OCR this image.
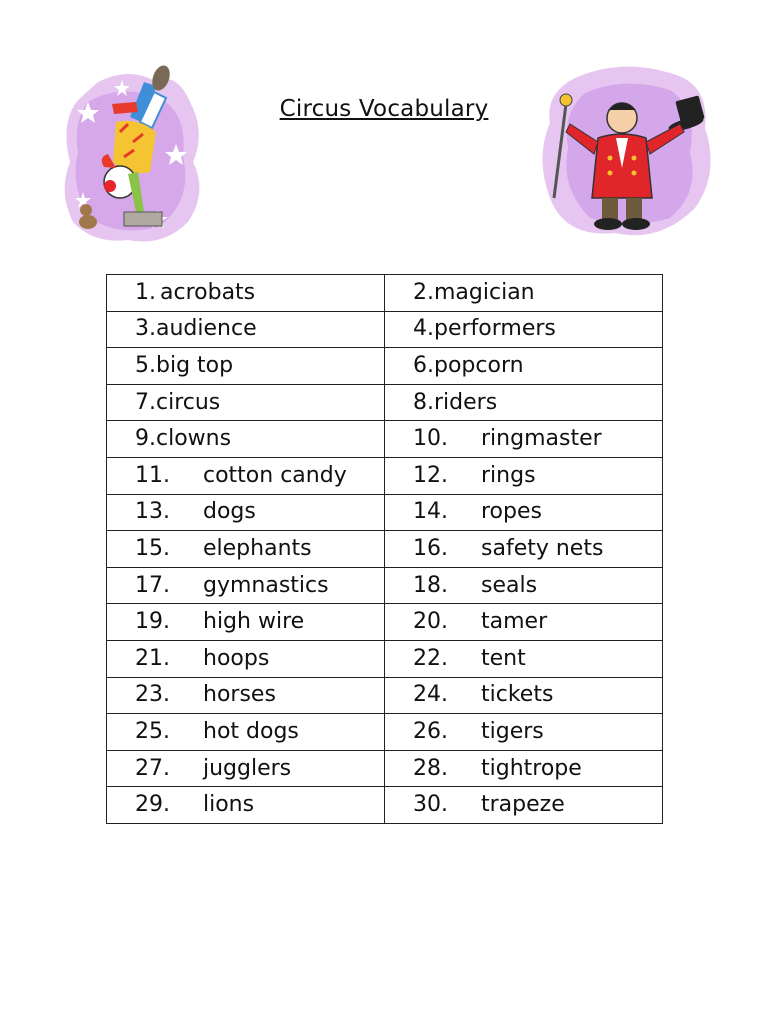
Circus Vocabulary
1. acrobats	2.magician
3.audience	4.performers
5.big top	6.popcorn
7.circus	8.riders
9.clowns	10. ringmaster
11. cotton candy	12. rings
13. dogs	14. ropes
15. elephants	16. safety nets
17. gymnastics	18. seals
19. high wire	20. tamer
21. hoops	22. tent
23. horses	24. tickets
25. hot dogs	26. tigers
27. jugglers	28. tightrope
29. lions	30. trapeze
